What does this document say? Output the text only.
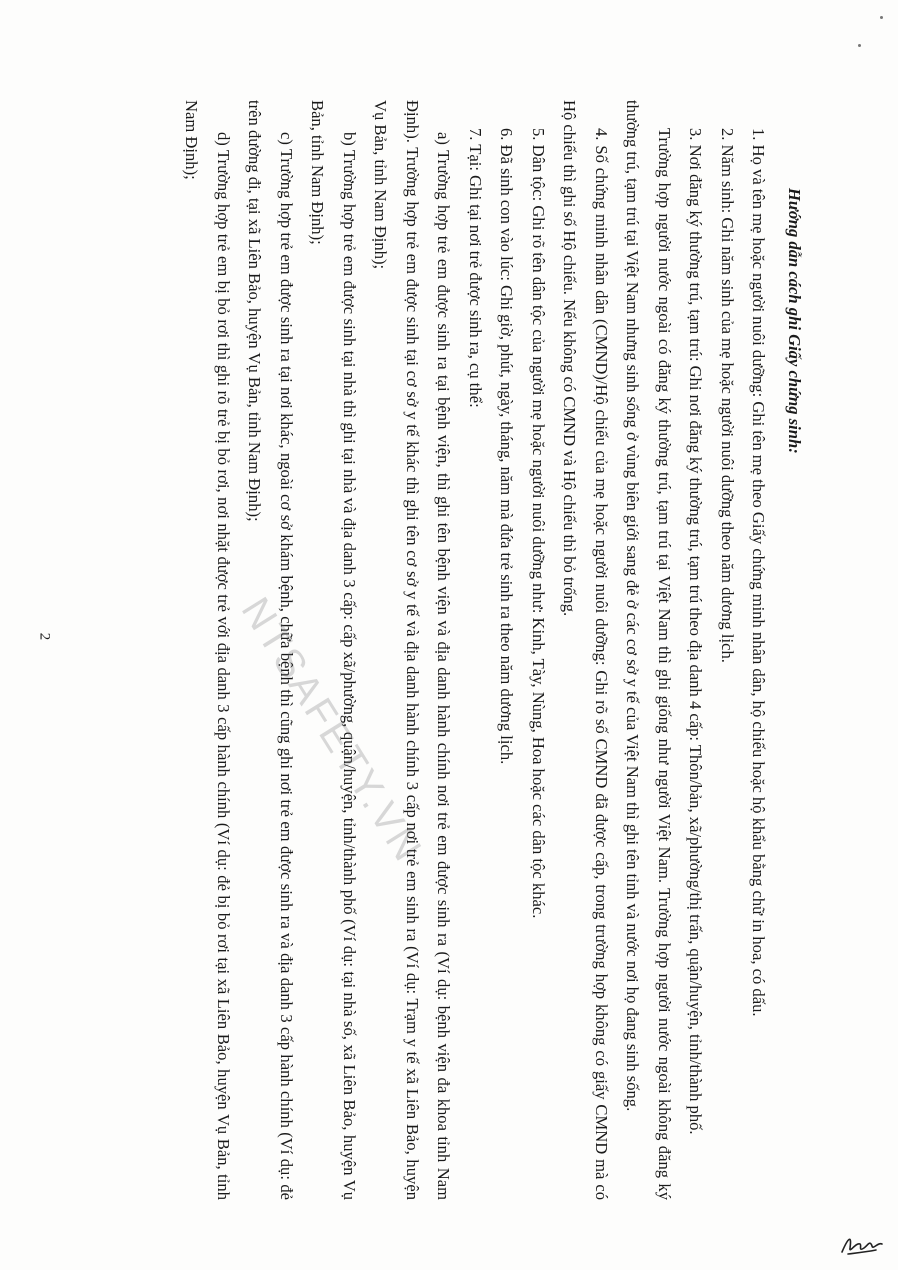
Hướng dẫn cách ghi Giấy chứng sinh:

1. Họ và tên mẹ hoặc người nuôi dưỡng: Ghi tên mẹ theo Giấy chứng minh nhân dân, hộ chiếu hoặc hộ khẩu bằng chữ in hoa, có dấu.

2. Năm sinh: Ghi năm sinh của mẹ hoặc người nuôi dưỡng theo năm dương lịch.

3. Nơi đăng ký thường trú, tạm trú: Ghi nơi đăng ký thường trú, tạm trú theo địa danh 4 cấp: Thôn/bản, xã/phường/thị trấn, quận/huyện, tỉnh/thành phố.

Trường hợp người nước ngoài có đăng ký thường trú, tạm trú tại Việt Nam thì ghi giống như người Việt Nam. Trường hợp người nước ngoài không đăng ký thường trú, tạm trú tại Việt Nam nhưng sinh sống ở vùng biên giới sang đẻ ở các cơ sở y tế của Việt Nam thì ghi tên tỉnh và nước nơi họ đang sinh sống.

4. Số chứng minh nhân dân (CMND)/Hộ chiếu của mẹ hoặc người nuôi dưỡng: Ghi rõ số CMND đã được cấp, trong trường hợp không có giấy CMND mà có Hộ chiếu thì ghi số Hộ chiếu. Nếu không có CMND và Hộ chiếu thì bỏ trống.

5. Dân tộc: Ghi rõ tên dân tộc của người mẹ hoặc người nuôi dưỡng như: Kinh, Tày, Nùng, Hoa hoặc các dân tộc khác.

6. Đã sinh con vào lúc: Ghi giờ, phút, ngày, tháng, năm mà đứa trẻ sinh ra theo năm dương lịch.

7. Tại: Ghi tại nơi trẻ được sinh ra, cụ thể:

a) Trường hợp trẻ em được sinh ra tại bệnh viện, thì ghi tên bệnh viện và địa danh hành chính nơi trẻ em được sinh ra (Ví dụ: bệnh viện đa khoa tỉnh Nam Định). Trường hợp trẻ em được sinh tại cơ sở y tế khác thì ghi tên cơ sở y tế và địa danh hành chính 3 cấp nơi trẻ em sinh ra (Ví dụ: Trạm y tế xã Liên Bảo, huyện Vụ Bản, tỉnh Nam Định);

b) Trường hợp trẻ em được sinh tại nhà thì ghi tại nhà và địa danh 3 cấp: cấp xã/phường, quận/huyện, tỉnh/thành phố (Ví dụ: tại nhà số, xã Liên Bảo, huyện Vụ Bản, tỉnh Nam Định);

c) Trường hợp trẻ em được sinh ra tại nơi khác, ngoài cơ sở khám bệnh, chữa bệnh thì cũng ghi nơi trẻ em được sinh ra và địa danh 3 cấp hành chính (Ví dụ: đẻ trên đường đi, tại xã Liên Bảo, huyện Vụ Bản, tỉnh Nam Định);

d) Trường hợp trẻ em bị bỏ rơi thì ghi rõ trẻ bị bỏ rơi, nơi nhặt được trẻ với địa danh 3 cấp hành chính (Ví dụ: đẻ bị bỏ rơi tại xã Liên Bảo, huyện Vụ Bản, tỉnh Nam Định);

NTSAFETY.VN
2
